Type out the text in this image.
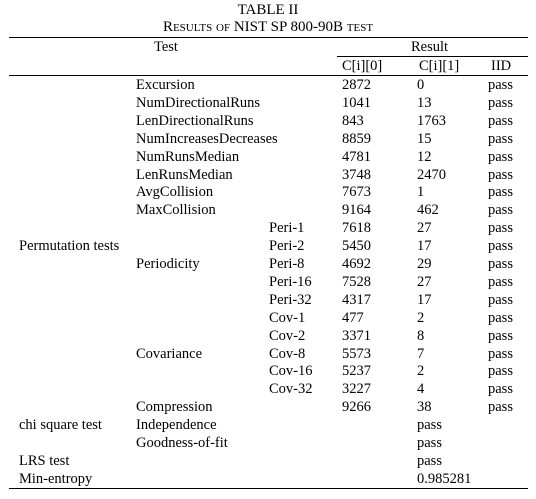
TABLE II
Results of NIST SP 800-90B test
Test	Result
C[i][0]	C[i][1] IID
Excursion	2872	0	pass
NumDirectionalRuns	1041	13	pass
LenDirectionalRuns	843	1763	pass
NumIncreasesDecreases	8859	15	pass
NumRunsMedian	4781	12	pass
LenRunsMedian	3748	2470	pass
AvgCollision	7673	1	pass
MaxCollision	9164	462	pass
Peri-1	7618	27	pass
Permutation tests	Peri-2	5450	17	pass
Periodicity	Peri-8	4692	29	pass
Peri-16 7528	27	pass
Peri-32 4317	17	pass
Cov-1	477	2	pass
Cov-2	3371	8	pass
Covariance	Cov-8	5573	7	pass
Cov-16 5237	2	pass
Cov-32 3227	4	pass
Compression	9266	38	pass
chi square test Independence	pass
Goodness-of-fit	pass
LRS test	pass
Min-entropy	0.985281
